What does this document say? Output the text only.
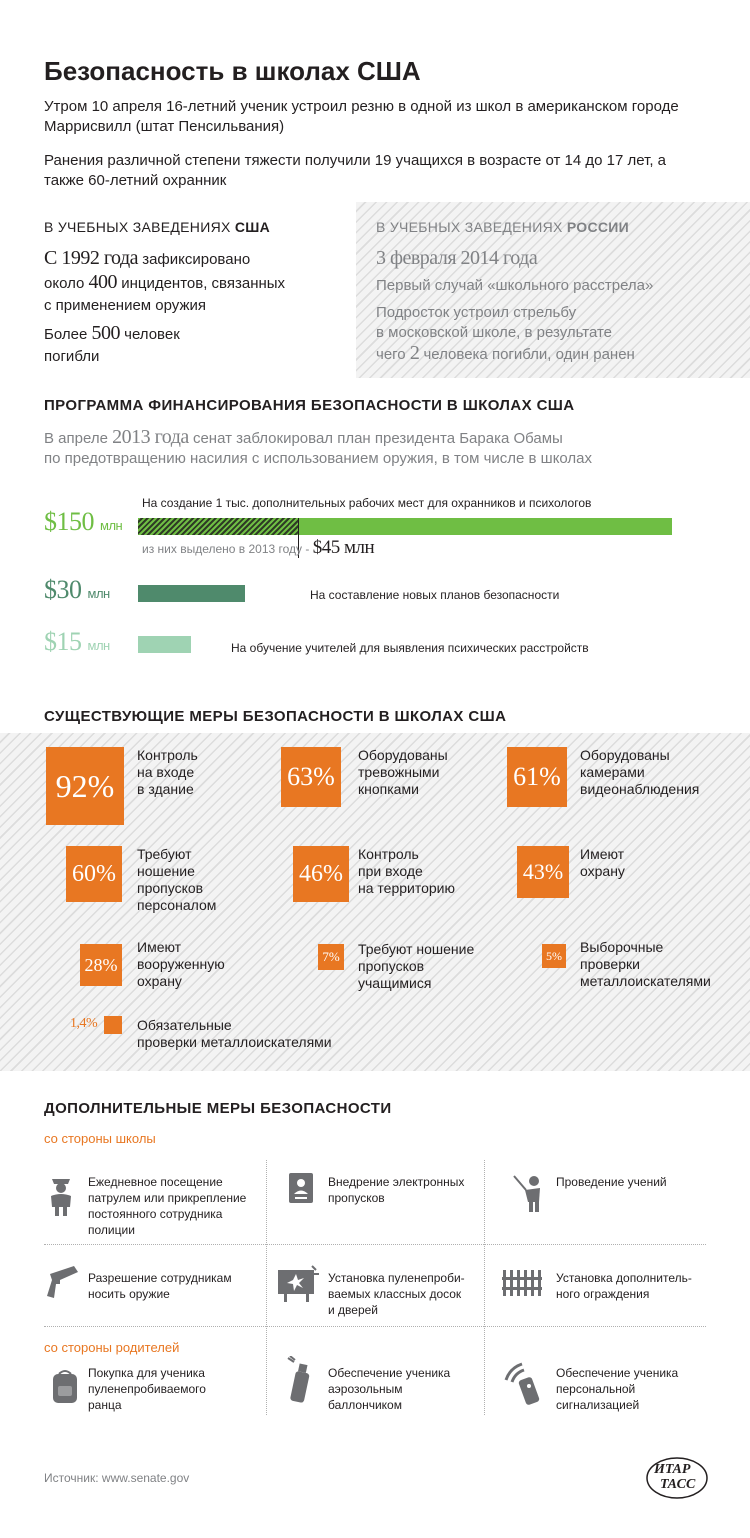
Безопасность в школах США
Утром 10 апреля 16-летний ученик устроил резню в одной из школ в американском городе Маррисвилл (штат Пенсильвания)
Ранения различной степени тяжести получили 19 учащихся в возрасте от 14 до 17 лет, а также 60-летний охранник
В УЧЕБНЫХ ЗАВЕДЕНИЯХ США
С 1992 года зафиксировано
около 400 инцидентов, связанных
с применением оружия
Более 500 человек
погибли
В УЧЕБНЫХ ЗАВЕДЕНИЯХ РОССИИ
3 февраля 2014 года
Первый случай «школьного расстрела»
Подросток устроил стрельбу
в московской школе, в результате
чего 2 человека погибли, один ранен
ПРОГРАММА ФИНАНСИРОВАНИЯ БЕЗОПАСНОСТИ В ШКОЛАХ США
В апреле 2013 года сенат заблокировал план президента Барака Обамы
по предотвращению насилия с использованием оружия, в том числе в школах
$150 млн
На создание 1 тыс. дополнительных рабочих мест для охранников и психологов
из них выделено в 2013 году - $45 млн
$30 млн	На составление новых планов безопасности
$15 млн	На обучение учителей для выявления психических расстройств
СУЩЕСТВУЮЩИЕ МЕРЫ БЕЗОПАСНОСТИ В ШКОЛАХ США
92%
Контроль
на входе
в здание	63%
Оборудованы
тревожными
кнопками	61%
Оборудованы
камерами
видеонаблюдения
60%
Требуют
ношение
пропусков
персоналом
46%
Контроль
при входе
на территорию
43%
Имеют
охрану
28%
Имеют
вооруженную
охрану
7%	Требуют ношение
пропусков
учащимися
5%
Выборочные
проверки
металлоискателями
1,4%	Обязательные
проверки металлоискателями
ДОПОЛНИТЕЛЬНЫЕ МЕРЫ БЕЗОПАСНОСТИ
со стороны школы
со стороны родителей
Ежедневное посещение
патрулем или прикрепление
постоянного сотрудника
полиции
Внедрение электронных
пропусков
Проведение учений
Разрешение сотрудникам
носить оружие
Установка пуленепроби-
ваемых классных досок
и дверей
Установка дополнитель-
ного ограждения
Покупка для ученика
пуленепробиваемого
ранца
Обеспечение ученика
аэрозольным
баллончиком
Обеспечение ученика
персональной
сигнализацией
Источник: www.senate.gov
ИТАР
ТАСС
